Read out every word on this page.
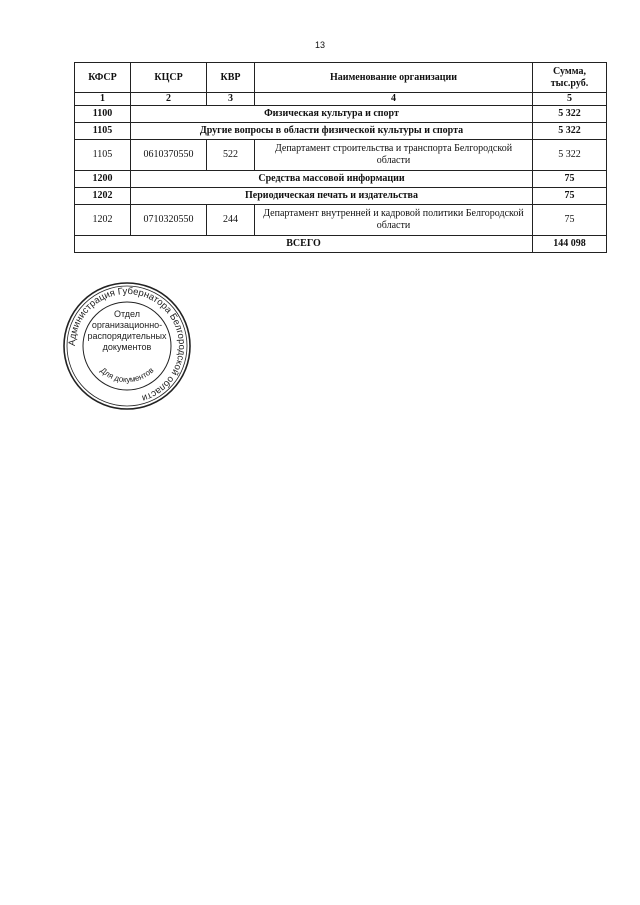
13
КФСР	КЦСР	КВР	Наименование организации	Сумма, тыс.руб.
1	2	3	4	5
1100	Физическая культура и спорт			5 322
1105	Другие вопросы в области физической культуры и спорта			5 322
1105	0610370550	522	Департамент строительства и транспорта Белгородской области	5 322
1200	Средства массовой информации			75
1202	Периодическая печать и издательства			75
1202	0710320550	244	Департамент внутренней и кадровой политики Белгородской области	75
ВСЕГО				144 098
Администрация Губернатора Белгородской области
Отдел
организационно-
распорядительных
документов
Для документов
